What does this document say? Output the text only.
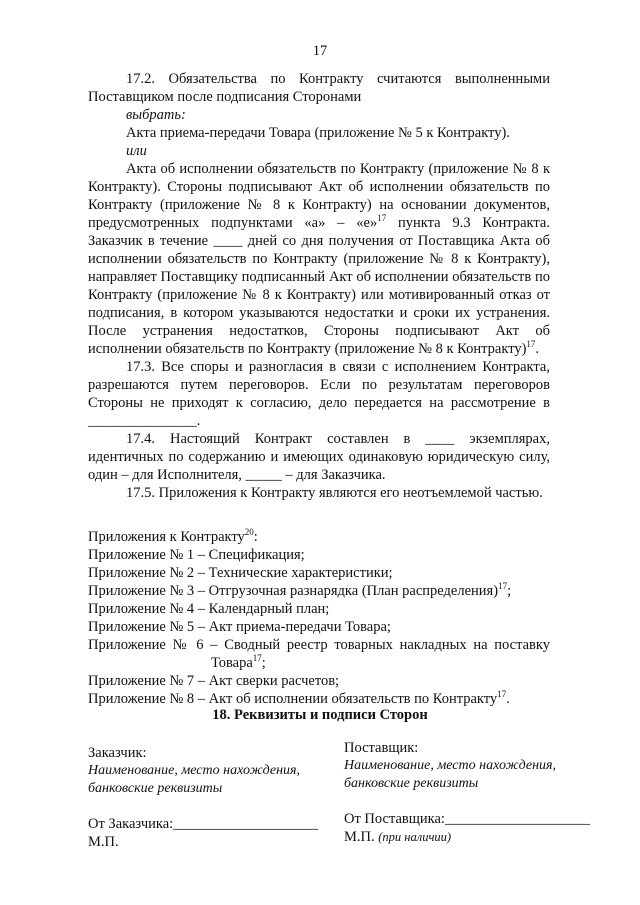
17

17.2. Обязательства по Контракту считаются выполненными Поставщиком после подписания Сторонами

выбрать:

Акта приема-передачи Товара (приложение № 5 к Контракту).

или

Акта об исполнении обязательств по Контракту (приложение № 8 к Контракту). Стороны подписывают Акт об исполнении обязательств по Контракту (приложение № 8 к Контракту) на основании документов, предусмотренных подпунктами «а» – «е»$^{17}$ пункта 9.3 Контракта. Заказчик в течение ____ дней со дня получения от Поставщика Акта об исполнении обязательств по Контракту (приложение № 8 к Контракту), направляет Поставщику подписанный Акт об исполнении обязательств по Контракту (приложение № 8 к Контракту) или мотивированный отказ от подписания, в котором указываются недостатки и сроки их устранения. После устранения недостатков, Стороны подписывают Акт об исполнении обязательств по Контракту (приложение № 8 к Контракту)$^{17}$.

17.3. Все споры и разногласия в связи с исполнением Контракта, разрешаются путем переговоров. Если по результатам переговоров Стороны не приходят к согласию, дело передается на рассмотрение в _______________.

17.4. Настоящий Контракт составлен в ____ экземплярах, идентичных по содержанию и имеющих одинаковую юридическую силу, один – для Исполнителя, _____ – для Заказчика.

17.5. Приложения к Контракту являются его неотъемлемой частью.

Приложения к Контракту$^{20}$:

Приложение № 1 – Спецификация;

Приложение № 2 – Технические характеристики;

Приложение № 3 – Отгрузочная разнарядка (План распределения)$^{17}$;

Приложение № 4 – Календарный план;

Приложение № 5 – Акт приема-передачи Товара;

Приложение № 6 – Сводный реестр товарных накладных на поставку Товара$^{17}$;

Приложение № 7 – Акт сверки расчетов;

Приложение № 8 – Акт об исполнении обязательств по Контракту$^{17}$.

18. Реквизиты и подписи Сторон

Заказчик:

Наименование, место нахождения, банковские реквизиты

Поставщик:

Наименование, место нахождения, банковские реквизиты

От Заказчика:____________________

М.П.

От Поставщика:____________________

М.П. (при наличии)
